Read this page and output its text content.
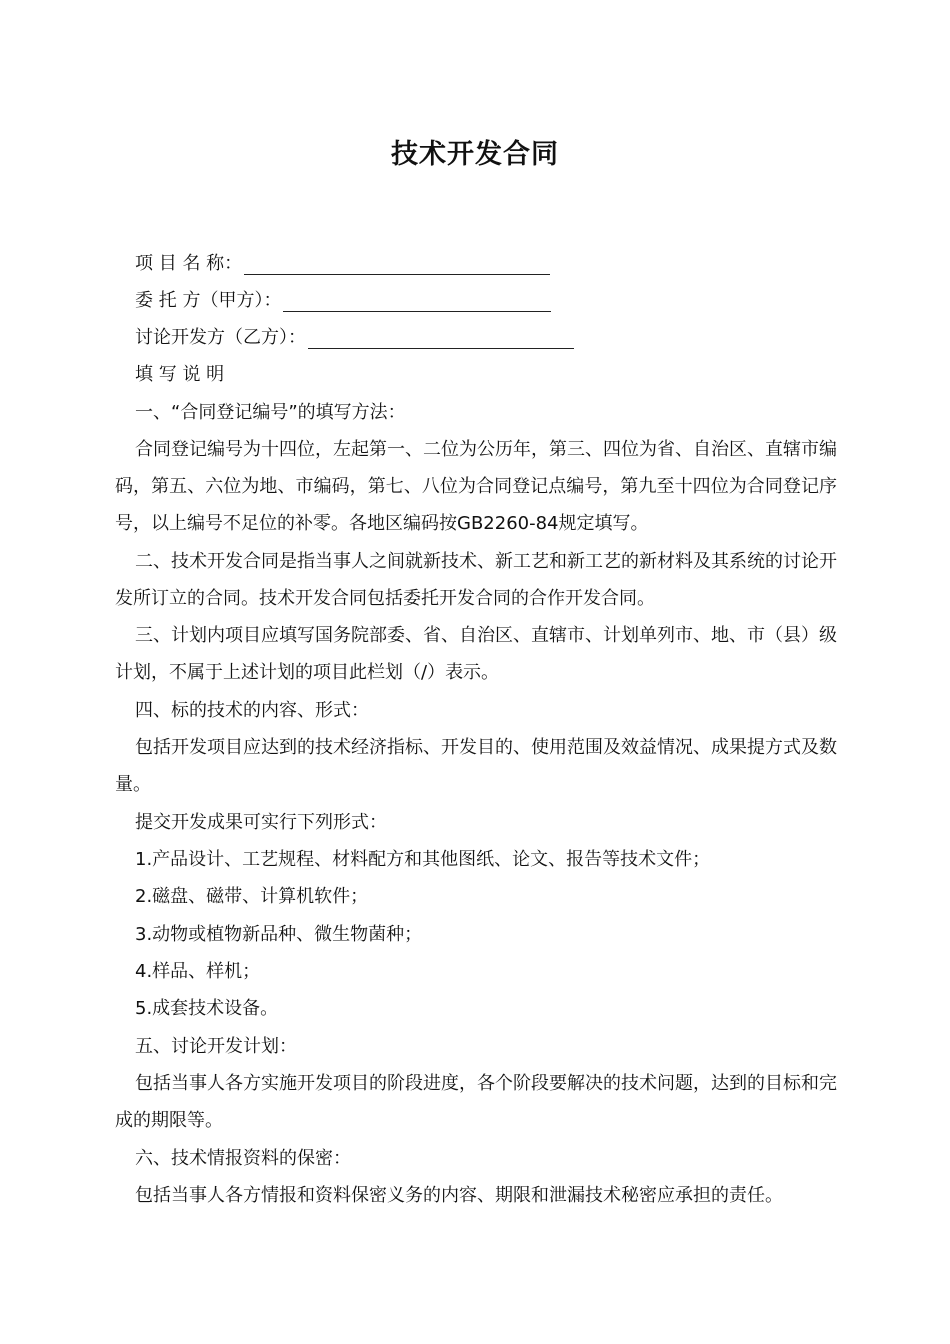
技术开发合同
项 目 名 称：
委 托 方（甲方）：
讨论开发方（乙方）：
填 写 说 明
一、“合同登记编号”的填写方法：
合同登记编号为十四位，左起第一、二位为公历年，第三、四位为省、自治区、直辖市编码，第五、六位为地、市编码，第七、八位为合同登记点编号，第九至十四位为合同登记序号，以上编号不足位的补零。各地区编码按GB2260-84规定填写。
二、技术开发合同是指当事人之间就新技术、新工艺和新工艺的新材料及其系统的讨论开发所订立的合同。技术开发合同包括委托开发合同的合作开发合同。
三、计划内项目应填写国务院部委、省、自治区、直辖市、计划单列市、地、市（县）级计划，不属于上述计划的项目此栏划（/）表示。
四、标的技术的内容、形式：
包括开发项目应达到的技术经济指标、开发目的、使用范围及效益情况、成果提方式及数量。
提交开发成果可实行下列形式：
1.产品设计、工艺规程、材料配方和其他图纸、论文、报告等技术文件；
2.磁盘、磁带、计算机软件；
3.动物或植物新品种、微生物菌种；
4.样品、样机；
5.成套技术设备。
五、讨论开发计划：
包括当事人各方实施开发项目的阶段进度，各个阶段要解决的技术问题，达到的目标和完成的期限等。
六、技术情报资料的保密：
包括当事人各方情报和资料保密义务的内容、期限和泄漏技术秘密应承担的责任。
